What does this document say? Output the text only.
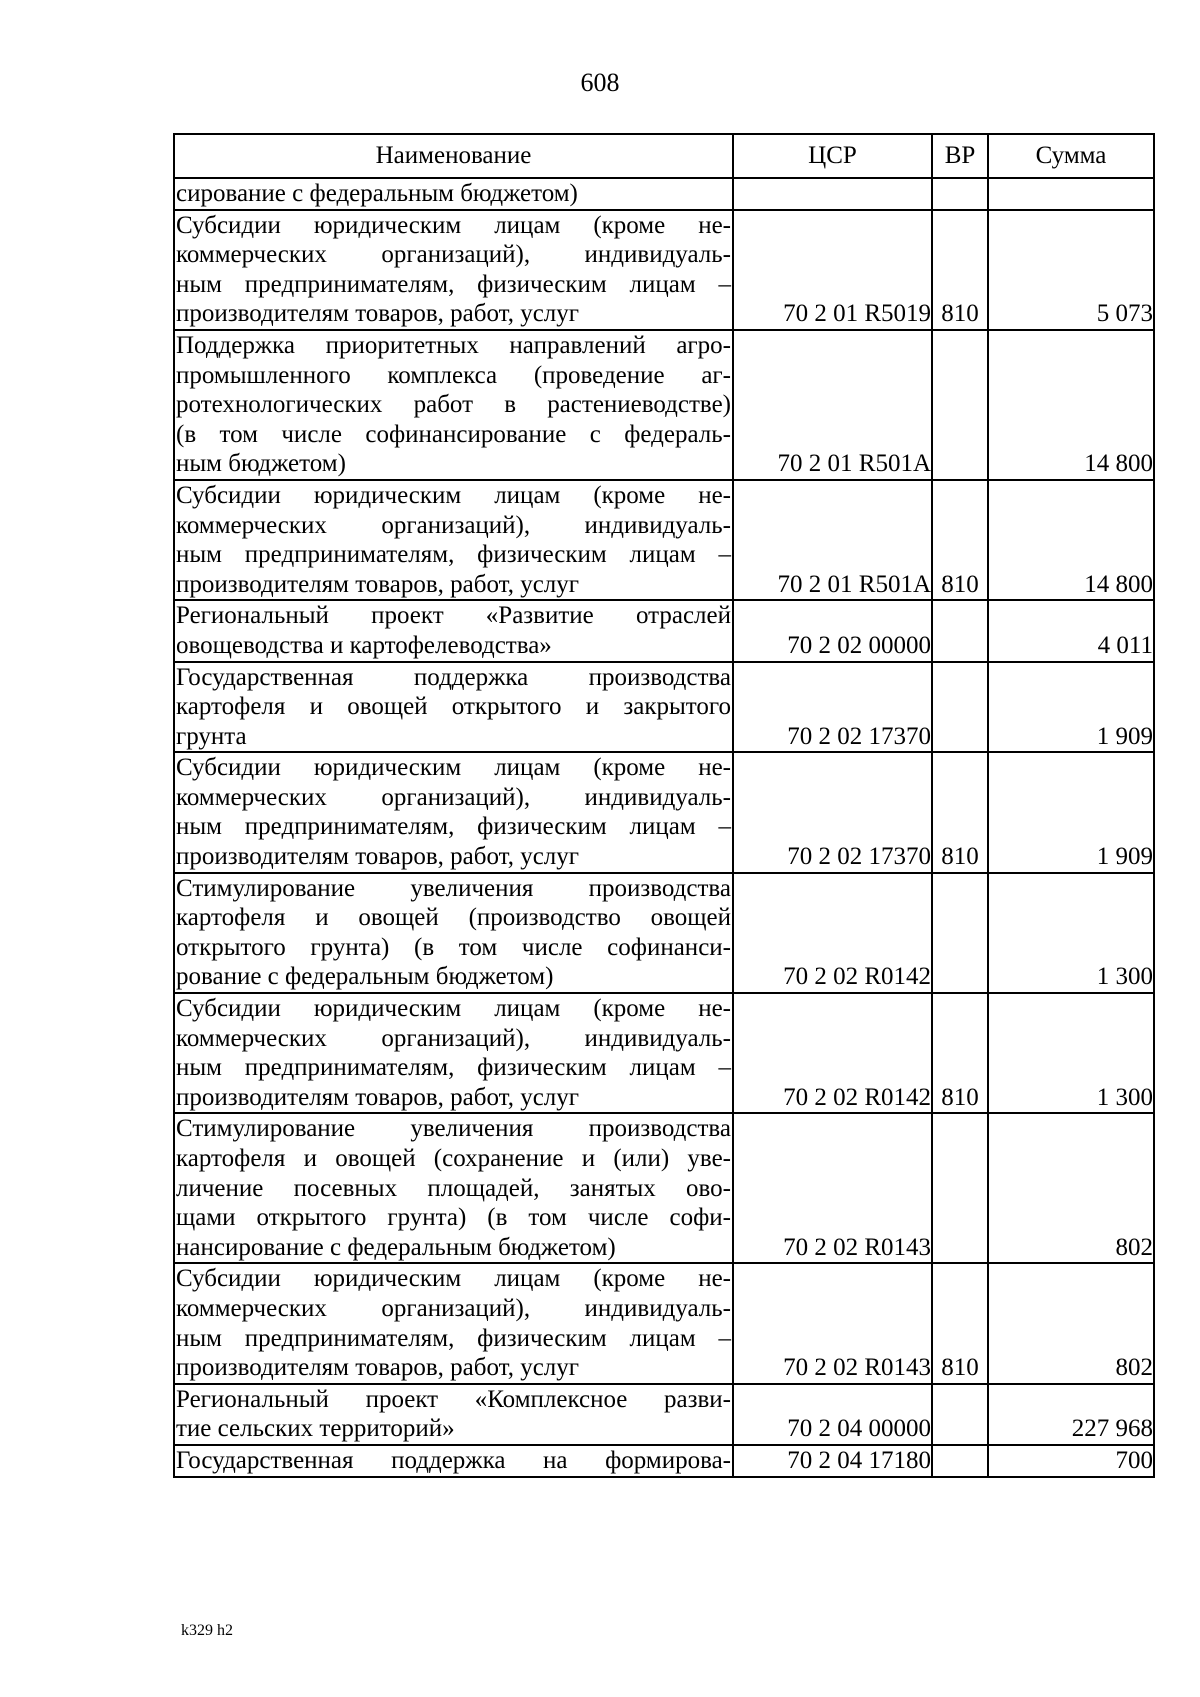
608
Наименование	ЦСР	ВР	Сумма

сирование с федеральным бюджетом)			

Субсидии юридическим лицам (кроме не-
коммерческих организаций), индивидуаль-
ным предпринимателям, физическим лицам –
производителям товаров, работ, услуг	70 2 01 R5019	810	5 073

Поддержка приоритетных направлений агро-
промышленного комплекса (проведение аг-
ротехнологических работ в растениеводстве)
(в том числе софинансирование с федераль-
ным бюджетом)	70 2 01 R501A		14 800

Субсидии юридическим лицам (кроме не-
коммерческих организаций), индивидуаль-
ным предпринимателям, физическим лицам –
производителям товаров, работ, услуг	70 2 01 R501A	810	14 800

Региональный проект «Развитие отраслей
овощеводства и картофелеводства»	70 2 02 00000		4 011

Государственная поддержка производства
картофеля и овощей открытого и закрытого
грунта	70 2 02 17370		1 909

Субсидии юридическим лицам (кроме не-
коммерческих организаций), индивидуаль-
ным предпринимателям, физическим лицам –
производителям товаров, работ, услуг	70 2 02 17370	810	1 909

Стимулирование увеличения производства
картофеля и овощей (производство овощей
открытого грунта) (в том числе софинанси-
рование с федеральным бюджетом)	70 2 02 R0142		1 300

Субсидии юридическим лицам (кроме не-
коммерческих организаций), индивидуаль-
ным предпринимателям, физическим лицам –
производителям товаров, работ, услуг	70 2 02 R0142	810	1 300

Стимулирование увеличения производства
картофеля и овощей (сохранение и (или) уве-
личение посевных площадей, занятых ово-
щами открытого грунта) (в том числе софи-
нансирование с федеральным бюджетом)	70 2 02 R0143		802

Субсидии юридическим лицам (кроме не-
коммерческих организаций), индивидуаль-
ным предпринимателям, физическим лицам –
производителям товаров, работ, услуг	70 2 02 R0143	810	802

Региональный проект «Комплексное разви-
тие сельских территорий»	70 2 04 00000		227 968

Государственная поддержка на формирова-	70 2 04 17180		700
k329 h2
